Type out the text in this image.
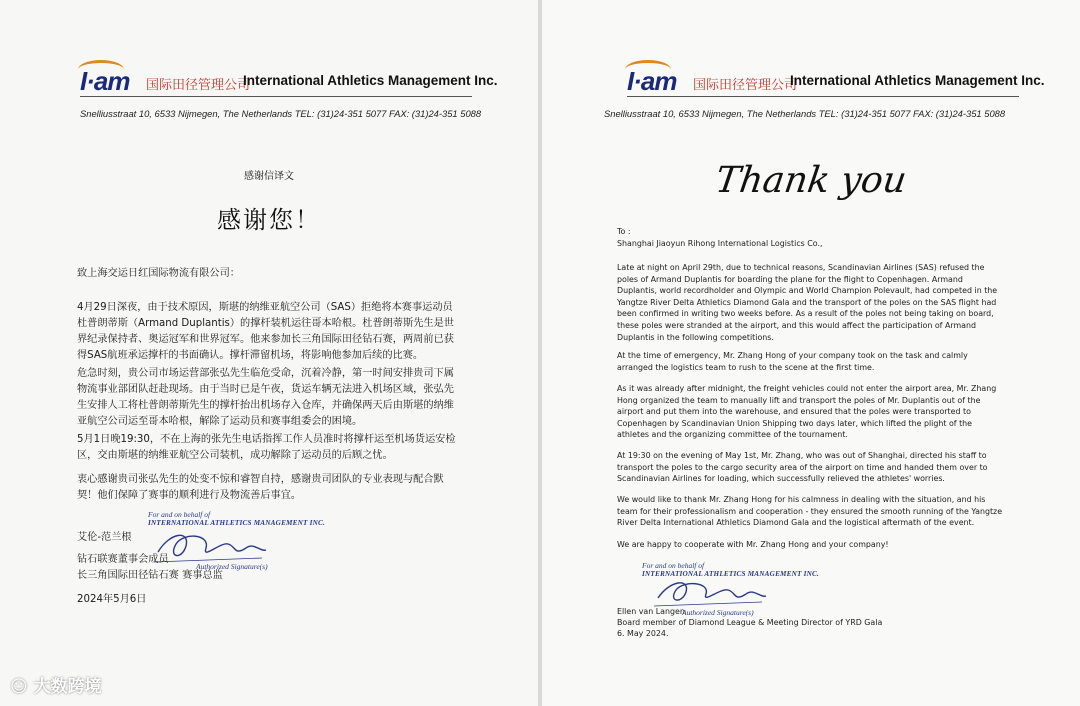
I·am 国际田径管理公司
International Athletics Management Inc.
Snelliusstraat 10, 6533 Nijmegen, The Netherlands TEL: (31)24-351 5077 FAX: (31)24-351 5088
感谢信译文
感谢您！
致上海交运日红国际物流有限公司：
4月29日深夜，由于技术原因，斯堪的纳维亚航空公司（SAS）拒绝将本赛事运动员杜普朗蒂斯（Armand Duplantis）的撑杆装机运往哥本哈根。杜普朗蒂斯先生是世界纪录保持者、奥运冠军和世界冠军。他来参加长三角国际田径钻石赛，两周前已获得SAS航班承运撑杆的书面确认。撑杆滞留机场，将影响他参加后续的比赛。
危急时刻，贵公司市场运营部张弘先生临危受命，沉着冷静，第一时间安排贵司下属物流事业部团队赶赴现场。由于当时已是午夜，货运车辆无法进入机场区域，张弘先生安排人工将杜普朗蒂斯先生的撑杆抬出机场存入仓库，并确保两天后由斯堪的纳维亚航空公司运至哥本哈根，解除了运动员和赛事组委会的困境。
5月1日晚19:30，不在上海的张先生电话指挥工作人员准时将撑杆运至机场货运安检区，交由斯堪的纳维亚航空公司装机，成功解除了运动员的后顾之忧。
衷心感谢贵司张弘先生的处变不惊和睿智自持，感谢贵司团队的专业表现与配合默契！他们保障了赛事的顺利进行及物流善后事宜。
For and on behalf of
INTERNATIONAL ATHLETICS MANAGEMENT INC.
Authorized Signature(s)
艾伦-范兰根
钻石联赛董事会成员
长三角国际田径钻石赛 赛事总监
2024年5月6日
I·am 国际田径管理公司
International Athletics Management Inc.
Snelliusstraat 10, 6533 Nijmegen, The Netherlands TEL: (31)24-351 5077 FAX: (31)24-351 5088
Thank you
To :
Shanghai Jiaoyun Rihong International Logistics Co.,
Late at night on April 29th, due to technical reasons, Scandinavian Airlines (SAS) refused the poles of Armand Duplantis for boarding the plane for the flight to Copenhagen. Armand Duplantis, world recordholder and Olympic and World Champion Polevault, had competed in the Yangtze River Delta Athletics Diamond Gala and the transport of the poles on the SAS flight had been confirmed in writing two weeks before. As a result of the poles not being taking on board, these poles were stranded at the airport, and this would affect the participation of Armand Duplantis in the following competitions.
At the time of emergency, Mr. Zhang Hong of your company took on the task and calmly arranged the logistics team to rush to the scene at the first time.
As it was already after midnight, the freight vehicles could not enter the airport area, Mr. Zhang Hong organized the team to manually lift and transport the poles of Mr. Duplantis out of the airport and put them into the warehouse, and ensured that the poles were transported to Copenhagen by Scandinavian Union Shipping two days later, which lifted the plight of the athletes and the organizing committee of the tournament.
At 19:30 on the evening of May 1st, Mr. Zhang, who was out of Shanghai, directed his staff to transport the poles to the cargo security area of the airport on time and handed them over to Scandinavian Airlines for loading, which successfully relieved the athletes' worries.
We would like to thank Mr. Zhang Hong for his calmness in dealing with the situation, and his team for their professionalism and cooperation - they ensured the smooth running of the Yangtze River Delta International Athletics Diamond Gala and the logistical aftermath of the event.
We are happy to cooperate with Mr. Zhang Hong and your company!
For and on behalf of
INTERNATIONAL ATHLETICS MANAGEMENT INC.
Authorized Signature(s)
Ellen van Langen
Board member of Diamond League & Meeting Director of YRD Gala
6. May 2024.
☺ 大数跨境
